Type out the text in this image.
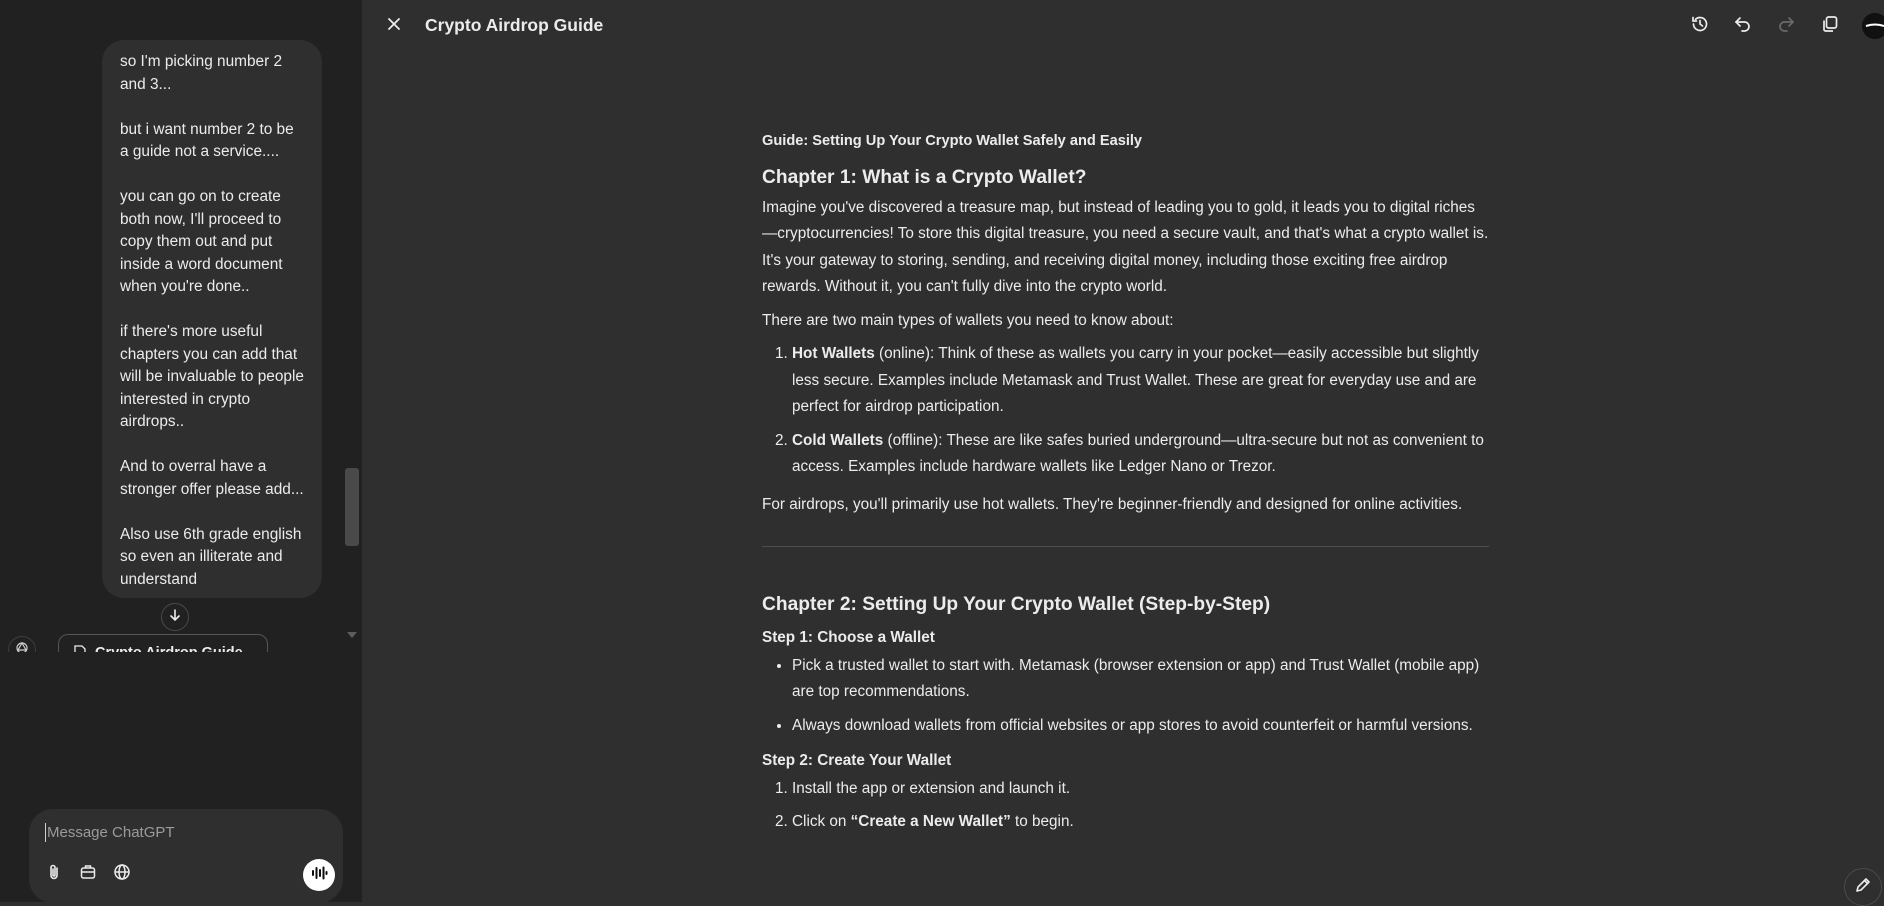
so I'm picking number 2 and 3...

but i want number 2 to be a guide not a service....

you can go on to create both now, I'll proceed to copy them out and put inside a word document when you're done..

if there's more useful chapters you can add that will be invaluable to people interested in crypto airdrops..

And to overral have a stronger offer please add...

Also use 6th grade english so even an illiterate and understand

Message ChatGPT
Crypto Airdrop Guide

Guide: Setting Up Your Crypto Wallet Safely and Easily

Chapter 1: What is a Crypto Wallet?

Imagine you've discovered a treasure map, but instead of leading you to gold, it leads you to digital riches—cryptocurrencies! To store this digital treasure, you need a secure vault, and that's what a crypto wallet is. It's your gateway to storing, sending, and receiving digital money, including those exciting free airdrop rewards. Without it, you can't fully dive into the crypto world.

There are two main types of wallets you need to know about:

1. Hot Wallets (online): Think of these as wallets you carry in your pocket—easily accessible but slightly less secure. Examples include Metamask and Trust Wallet. These are great for everyday use and are perfect for airdrop participation.
2. Cold Wallets (offline): These are like safes buried underground—ultra-secure but not as convenient to access. Examples include hardware wallets like Ledger Nano or Trezor.

For airdrops, you'll primarily use hot wallets. They're beginner-friendly and designed for online activities.

Chapter 2: Setting Up Your Crypto Wallet (Step-by-Step)

Step 1: Choose a Wallet

• Pick a trusted wallet to start with. Metamask (browser extension or app) and Trust Wallet (mobile app) are top recommendations.
• Always download wallets from official websites or app stores to avoid counterfeit or harmful versions.

Step 2: Create Your Wallet

1. Install the app or extension and launch it.
2. Click on “Create a New Wallet” to begin.
